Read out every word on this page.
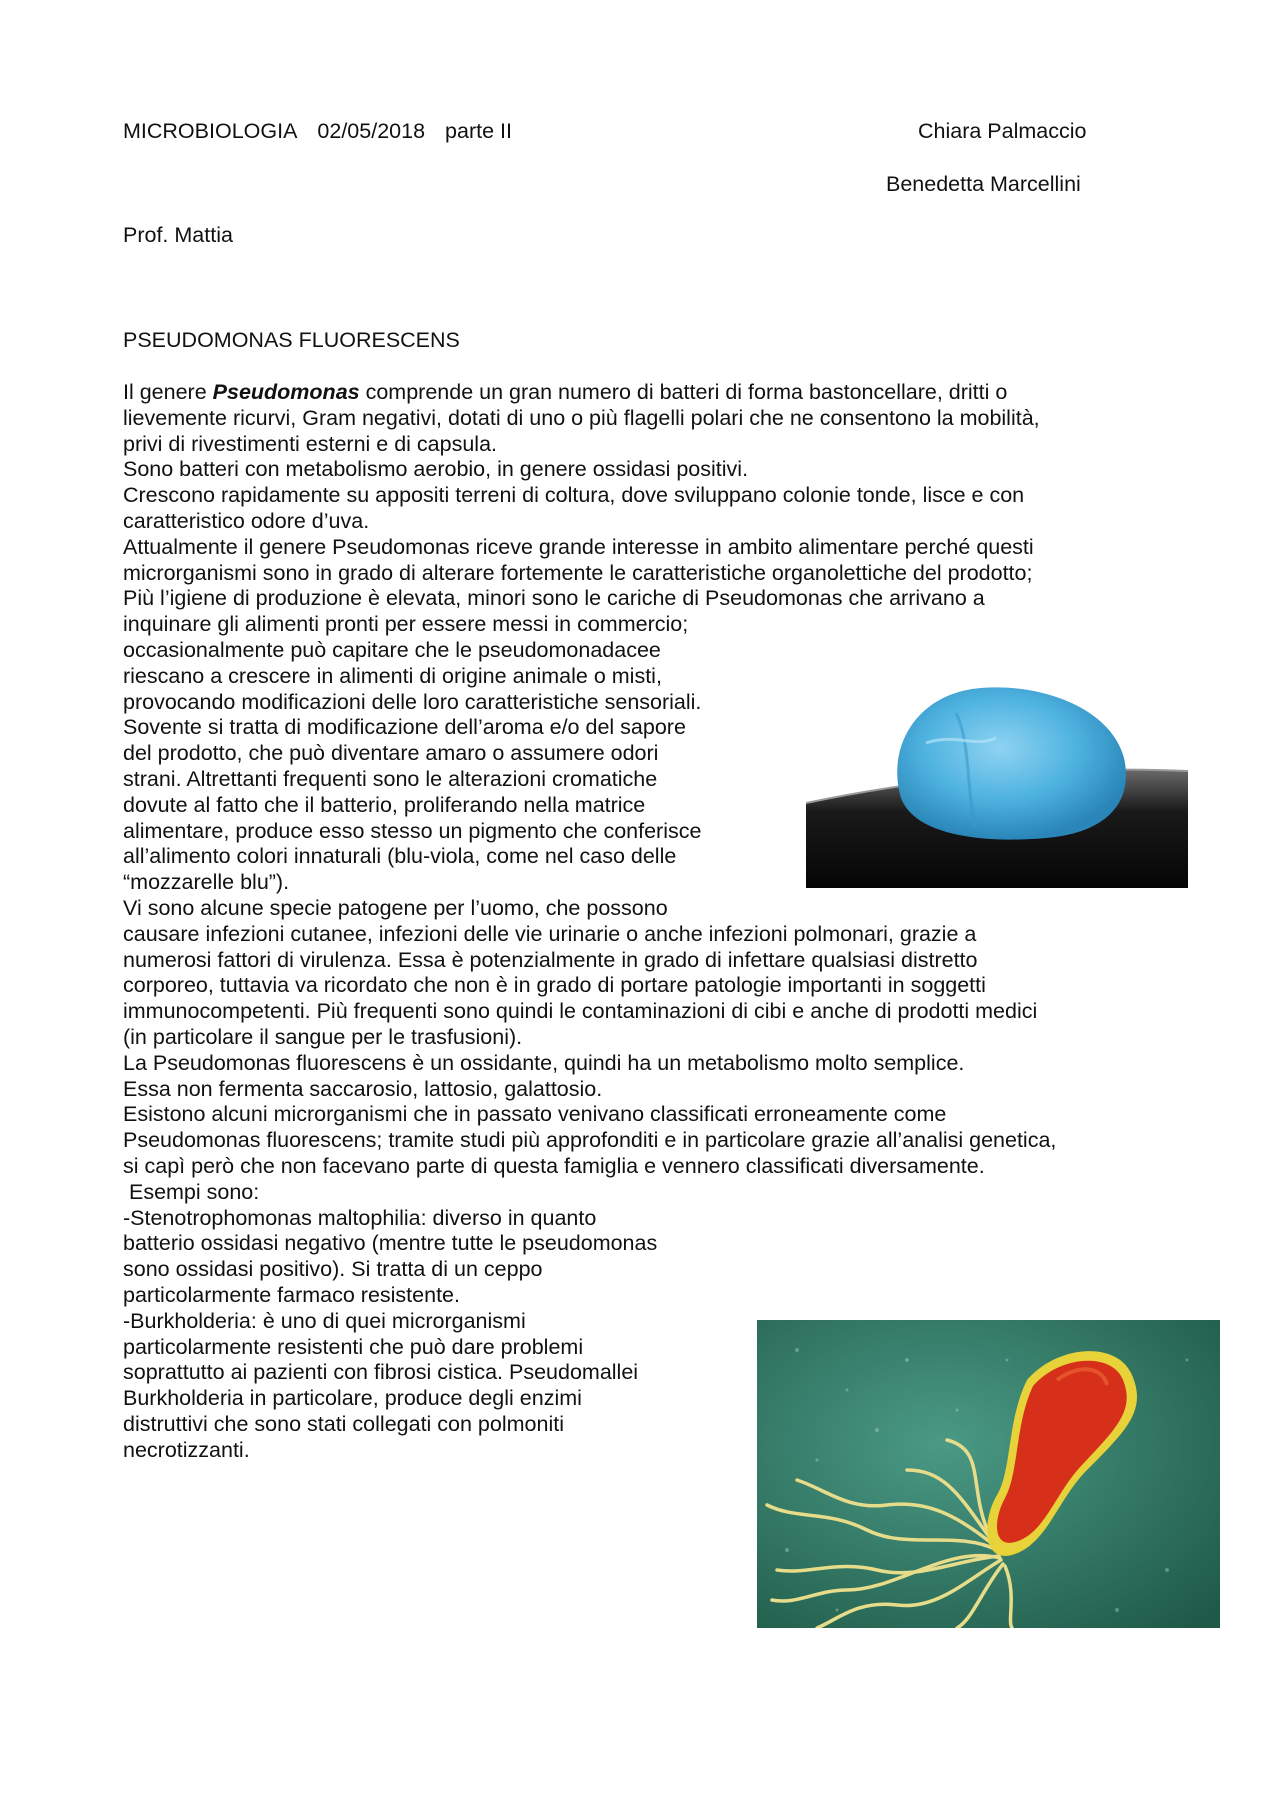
MICROBIOLOGIA 02/05/2018 parte II	Chiara Palmaccio
Benedetta Marcellini
Prof. Mattia
PSEUDOMONAS FLUORESCENS
Il genere Pseudomonas comprende un gran numero di batteri di forma bastoncellare, dritti o
lievemente ricurvi, Gram negativi, dotati di uno o più flagelli polari che ne consentono la mobilità,
privi di rivestimenti esterni e di capsula.
Sono batteri con metabolismo aerobio, in genere ossidasi positivi.
Crescono rapidamente su appositi terreni di coltura, dove sviluppano colonie tonde, lisce e con
caratteristico odore d’uva.
Attualmente il genere Pseudomonas riceve grande interesse in ambito alimentare perché questi
microrganismi sono in grado di alterare fortemente le caratteristiche organolettiche del prodotto;
Più l’igiene di produzione è elevata, minori sono le cariche di Pseudomonas che arrivano a
inquinare gli alimenti pronti per essere messi in commercio;
occasionalmente può capitare che le pseudomonadacee
riescano a crescere in alimenti di origine animale o misti,
provocando modificazioni delle loro caratteristiche sensoriali.
Sovente si tratta di modificazione dell’aroma e/o del sapore
del prodotto, che può diventare amaro o assumere odori
strani. Altrettanti frequenti sono le alterazioni cromatiche
dovute al fatto che il batterio, proliferando nella matrice
alimentare, produce esso stesso un pigmento che conferisce
all’alimento colori innaturali (blu-viola, come nel caso delle
“mozzarelle blu”).
Vi sono alcune specie patogene per l’uomo, che possono
causare infezioni cutanee, infezioni delle vie urinarie o anche infezioni polmonari, grazie a
numerosi fattori di virulenza. Essa è potenzialmente in grado di infettare qualsiasi distretto
corporeo, tuttavia va ricordato che non è in grado di portare patologie importanti in soggetti
immunocompetenti. Più frequenti sono quindi le contaminazioni di cibi e anche di prodotti medici
(in particolare il sangue per le trasfusioni).
La Pseudomonas fluorescens è un ossidante, quindi ha un metabolismo molto semplice.
Essa non fermenta saccarosio, lattosio, galattosio.
Esistono alcuni microrganismi che in passato venivano classificati erroneamente come
Pseudomonas fluorescens; tramite studi più approfonditi e in particolare grazie all’analisi genetica,
si capì però che non facevano parte di questa famiglia e vennero classificati diversamente.
Esempi sono:
-Stenotrophomonas maltophilia: diverso in quanto
batterio ossidasi negativo (mentre tutte le pseudomonas
sono ossidasi positivo). Si tratta di un ceppo
particolarmente farmaco resistente.
-Burkholderia: è uno di quei microrganismi
particolarmente resistenti che può dare problemi
soprattutto ai pazienti con fibrosi cistica. Pseudomallei
Burkholderia in particolare, produce degli enzimi
distruttivi che sono stati collegati con polmoniti
necrotizzanti.
